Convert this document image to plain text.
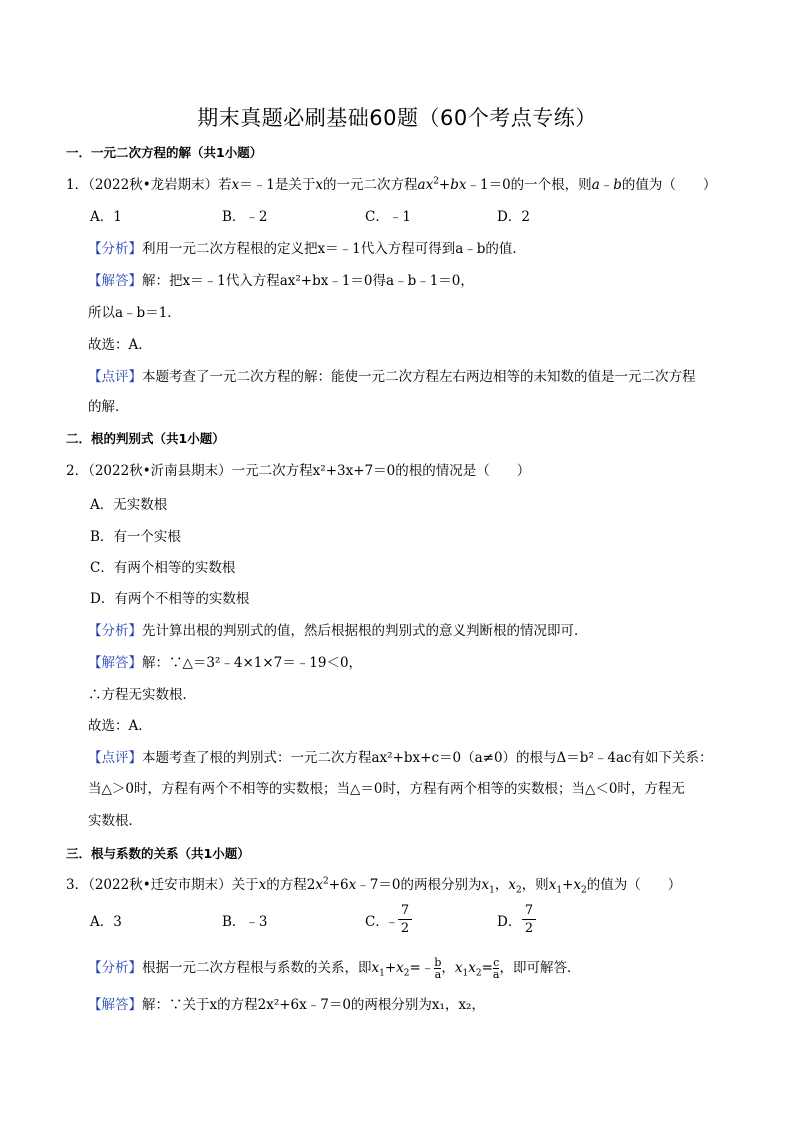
期末真题必刷基础60题（60个考点专练）
一．一元二次方程的解（共1小题）
1．（2022秋•龙岩期末）若x＝﹣1是关于x的一元二次方程$ax^2+bx﹣1=0$的一个根，则a﹣b的值为（　　）
A．1	B．﹣2	C．﹣1	D．2
【分析】利用一元二次方程根的定义把x＝﹣1代入方程可得到a﹣b的值．
【解答】解：把x＝﹣1代入方程ax²+bx﹣1＝0得a﹣b﹣1＝0，
所以a﹣b＝1．
故选：A．
【点评】本题考查了一元二次方程的解：能使一元二次方程左右两边相等的未知数的值是一元二次方程
的解．
二．根的判别式（共1小题）
2．（2022秋•沂南县期末）一元二次方程x²+3x+7＝0的根的情况是（　　）
A．无实数根
B．有一个实根
C．有两个相等的实数根
D．有两个不相等的实数根
【分析】先计算出根的判别式的值，然后根据根的判别式的意义判断根的情况即可．
【解答】解：∵△＝3²﹣4×1×7＝﹣19＜0，
∴方程无实数根．
故选：A．
【点评】本题考查了根的判别式：一元二次方程ax²+bx+c＝0（a≠0）的根与Δ＝b²﹣4ac有如下关系：
当△＞0时，方程有两个不相等的实数根；当△＝0时，方程有两个相等的实数根；当△＜0时，方程无
实数根．
三．根与系数的关系（共1小题）
3．（2022秋•迁安市期末）关于x的方程$2x^2+6x﹣7=0$的两根分别为$x_1$，$x_2$，则$x_1+x_2$的值为（　　）
A．3	B．﹣3	C．
﹣
7
2	D．
7
2
【分析】根据一元二次方程根与系数的关系，即$x_1+x_2=﹣ \frac{b}{a}$ ，$x_1x_2= \frac{c}{a}$ ，即可解答．
【解答】解：∵关于x的方程2x²+6x﹣7＝0的两根分别为x₁，x₂，
